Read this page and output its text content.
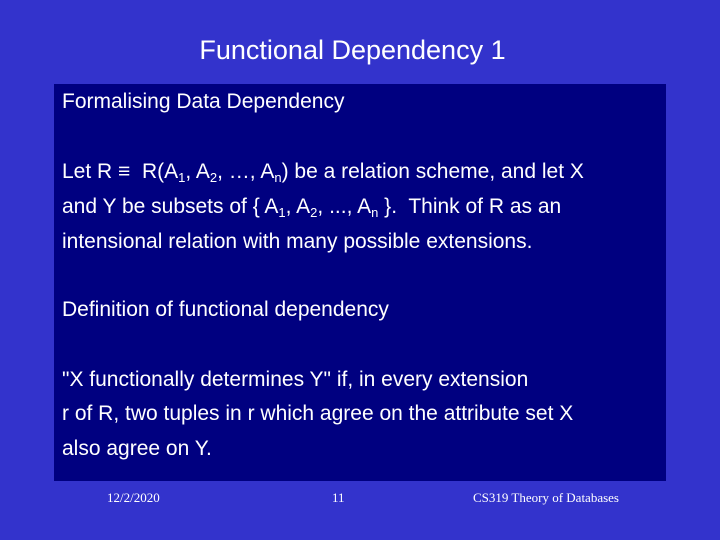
Functional Dependency 1
Formalising Data Dependency
Let $R \equiv R(A_1$, $A_2$, …, $A_n$) be a relation scheme, and let X
and Y be subsets of { $A_1$, $A_2$, ..., $A_n$ }.  Think of R as an
intensional relation with many possible extensions.
Definition of functional dependency
"X functionally determines Y" if, in every extension
r of R, two tuples in r which agree on the attribute set X
also agree on Y.
12/2/2020	11	CS319 Theory of Databases
